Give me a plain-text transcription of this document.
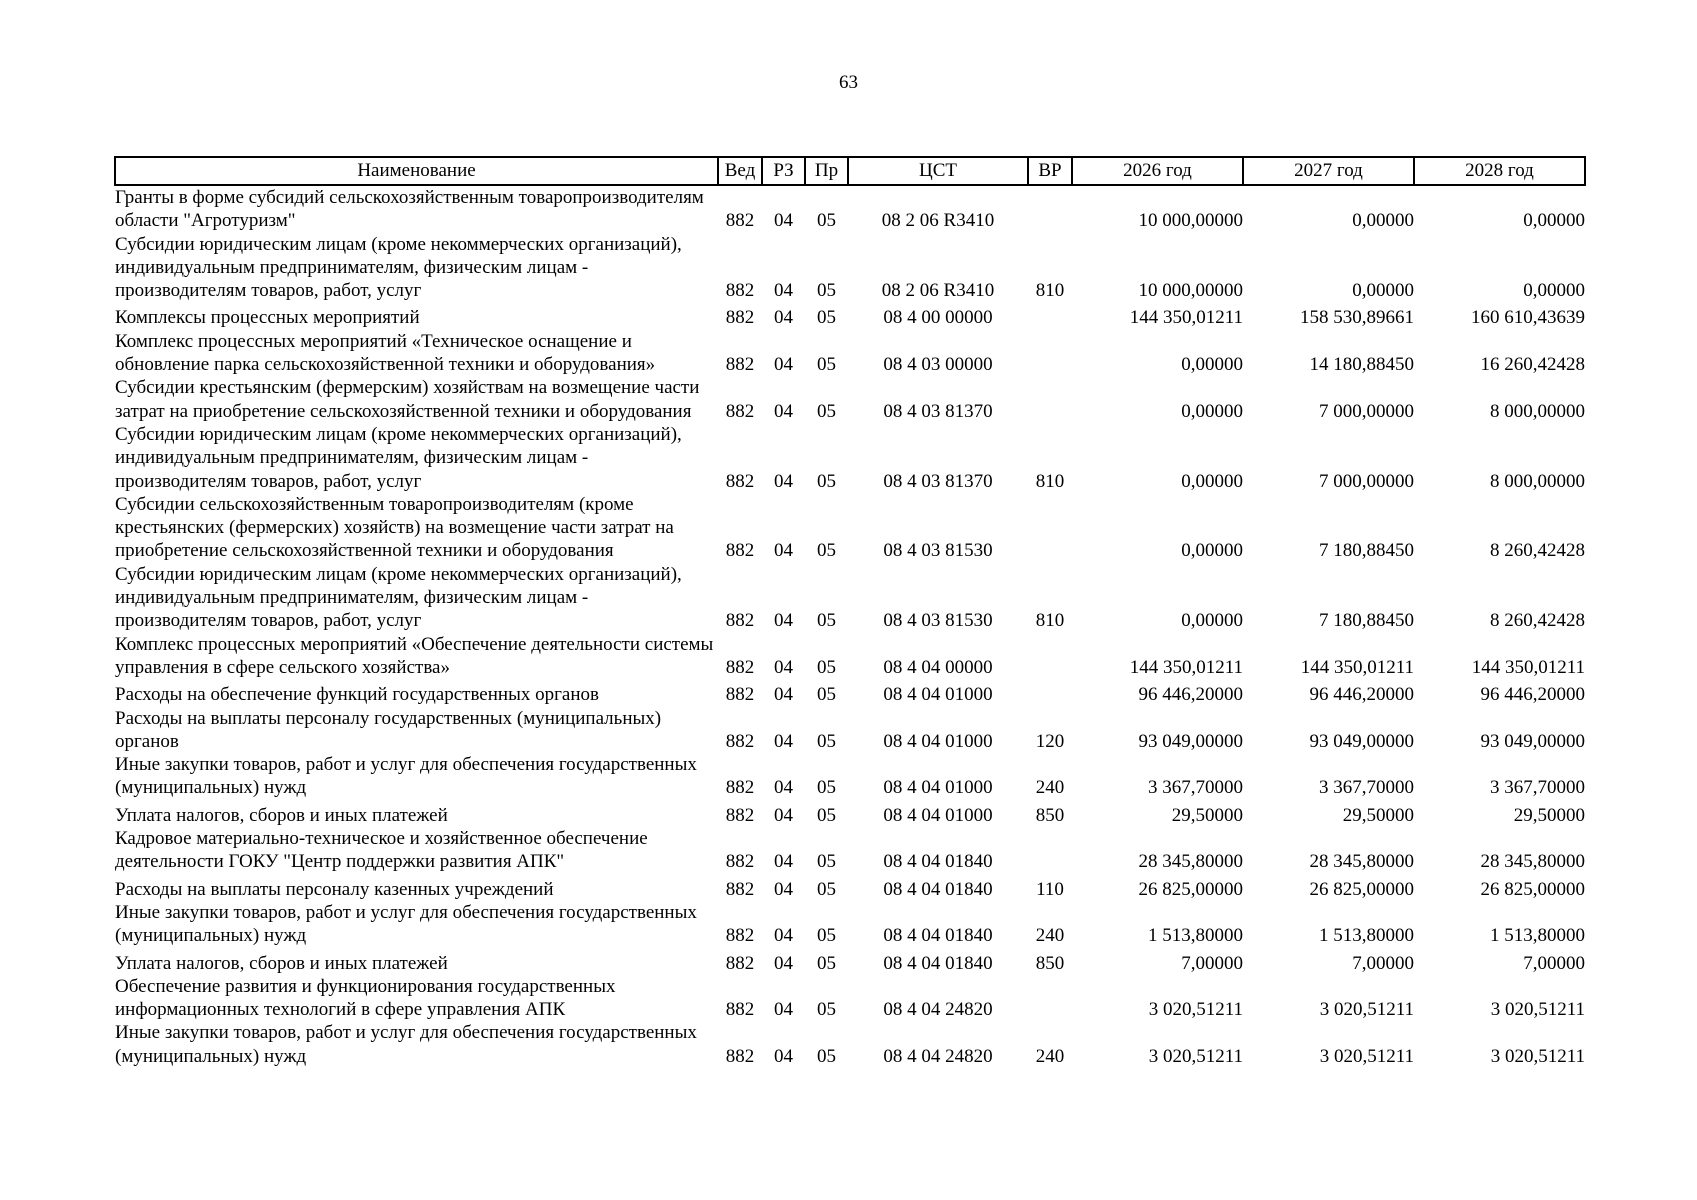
63
Наименование	Вед	РЗ	Пр	ЦСТ	ВР	2026 год	2027 год	2028 год
Гранты в форме субсидий сельскохозяйственным товаропроизводителям области "Агротуризм"	882	04	05	08 2 06 R3410		10 000,00000	0,00000	0,00000
Субсидии юридическим лицам (кроме некоммерческих организаций), индивидуальным предпринимателям, физическим лицам - производителям товаров, работ, услуг	882	04	05	08 2 06 R3410	810	10 000,00000	0,00000	0,00000
Комплексы процессных мероприятий	882	04	05	08 4 00 00000		144 350,01211	158 530,89661	160 610,43639
Комплекс процессных мероприятий «Техническое оснащение и обновление парка сельскохозяйственной техники и оборудования»	882	04	05	08 4 03 00000		0,00000	14 180,88450	16 260,42428
Субсидии крестьянским (фермерским) хозяйствам на возмещение части затрат на приобретение сельскохозяйственной техники и оборудования	882	04	05	08 4 03 81370		0,00000	7 000,00000	8 000,00000
Субсидии юридическим лицам (кроме некоммерческих организаций), индивидуальным предпринимателям, физическим лицам - производителям товаров, работ, услуг	882	04	05	08 4 03 81370	810	0,00000	7 000,00000	8 000,00000
Субсидии сельскохозяйственным товаропроизводителям (кроме крестьянских (фермерских) хозяйств) на возмещение части затрат на приобретение сельскохозяйственной техники и оборудования	882	04	05	08 4 03 81530		0,00000	7 180,88450	8 260,42428
Субсидии юридическим лицам (кроме некоммерческих организаций), индивидуальным предпринимателям, физическим лицам - производителям товаров, работ, услуг	882	04	05	08 4 03 81530	810	0,00000	7 180,88450	8 260,42428
Комплекс процессных мероприятий «Обеспечение деятельности системы управления в сфере сельского хозяйства»	882	04	05	08 4 04 00000		144 350,01211	144 350,01211	144 350,01211
Расходы на обеспечение функций государственных органов	882	04	05	08 4 04 01000		96 446,20000	96 446,20000	96 446,20000
Расходы на выплаты персоналу государственных (муниципальных) органов	882	04	05	08 4 04 01000	120	93 049,00000	93 049,00000	93 049,00000
Иные закупки товаров, работ и услуг для обеспечения государственных (муниципальных) нужд	882	04	05	08 4 04 01000	240	3 367,70000	3 367,70000	3 367,70000
Уплата налогов, сборов и иных платежей	882	04	05	08 4 04 01000	850	29,50000	29,50000	29,50000
Кадровое материально-техническое и хозяйственное обеспечение деятельности ГОКУ "Центр поддержки развития АПК"	882	04	05	08 4 04 01840		28 345,80000	28 345,80000	28 345,80000
Расходы на выплаты персоналу казенных учреждений	882	04	05	08 4 04 01840	110	26 825,00000	26 825,00000	26 825,00000
Иные закупки товаров, работ и услуг для обеспечения государственных (муниципальных) нужд	882	04	05	08 4 04 01840	240	1 513,80000	1 513,80000	1 513,80000
Уплата налогов, сборов и иных платежей	882	04	05	08 4 04 01840	850	7,00000	7,00000	7,00000
Обеспечение развития и функционирования государственных информационных технологий в сфере управления АПК	882	04	05	08 4 04 24820		3 020,51211	3 020,51211	3 020,51211
Иные закупки товаров, работ и услуг для обеспечения государственных (муниципальных) нужд	882	04	05	08 4 04 24820	240	3 020,51211	3 020,51211	3 020,51211
